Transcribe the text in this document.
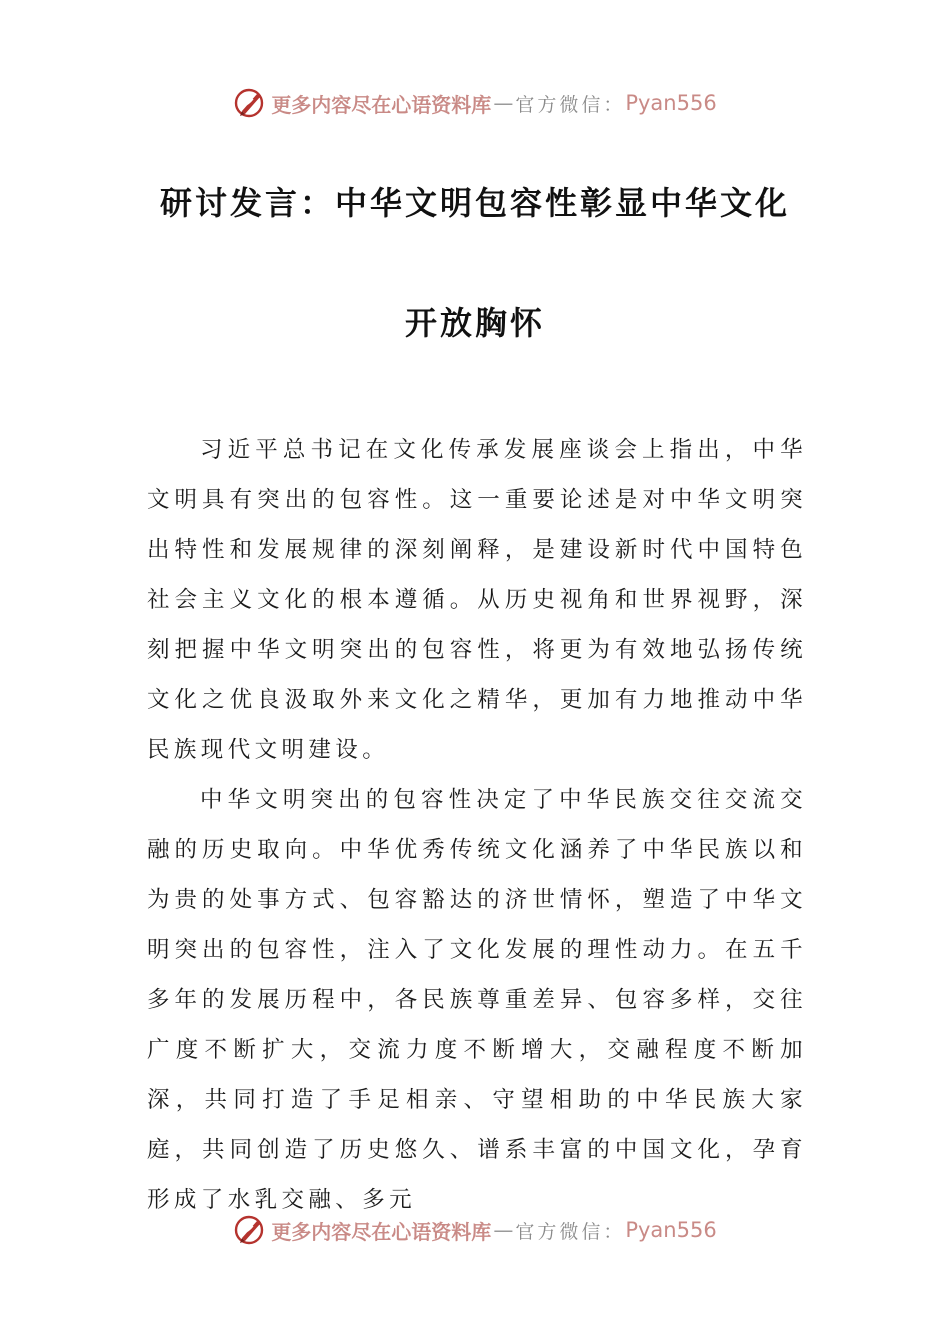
更多内容尽在心语资料库 — 官方微信： Pyan556
研讨发言：中华文明包容性彰显中华文化
开放胸怀

习近平总书记在文化传承发展座谈会上指出，中华文明具有突出的包容性。这一重要论述是对中华文明突出特性和发展规律的深刻阐释，是建设新时代中国特色社会主义文化的根本遵循。从历史视角和世界视野，深刻把握中华文明突出的包容性，将更为有效地弘扬传统文化之优良汲取外来文化之精华，更加有力地推动中华民族现代文明建设。

中华文明突出的包容性决定了中华民族交往交流交融的历史取向。中华优秀传统文化涵养了中华民族以和为贵的处事方式、包容豁达的济世情怀，塑造了中华文明突出的包容性，注入了文化发展的理性动力。在五千多年的发展历程中，各民族尊重差异、包容多样，交往广度不断扩大，交流力度不断增大，交融程度不断加深，共同打造了手足相亲、守望相助的中华民族大家庭，共同创造了历史悠久、谱系丰富的中国文化，孕育形成了水乳交融、多元

更多内容尽在心语资料库 — 官方微信： Pyan556
